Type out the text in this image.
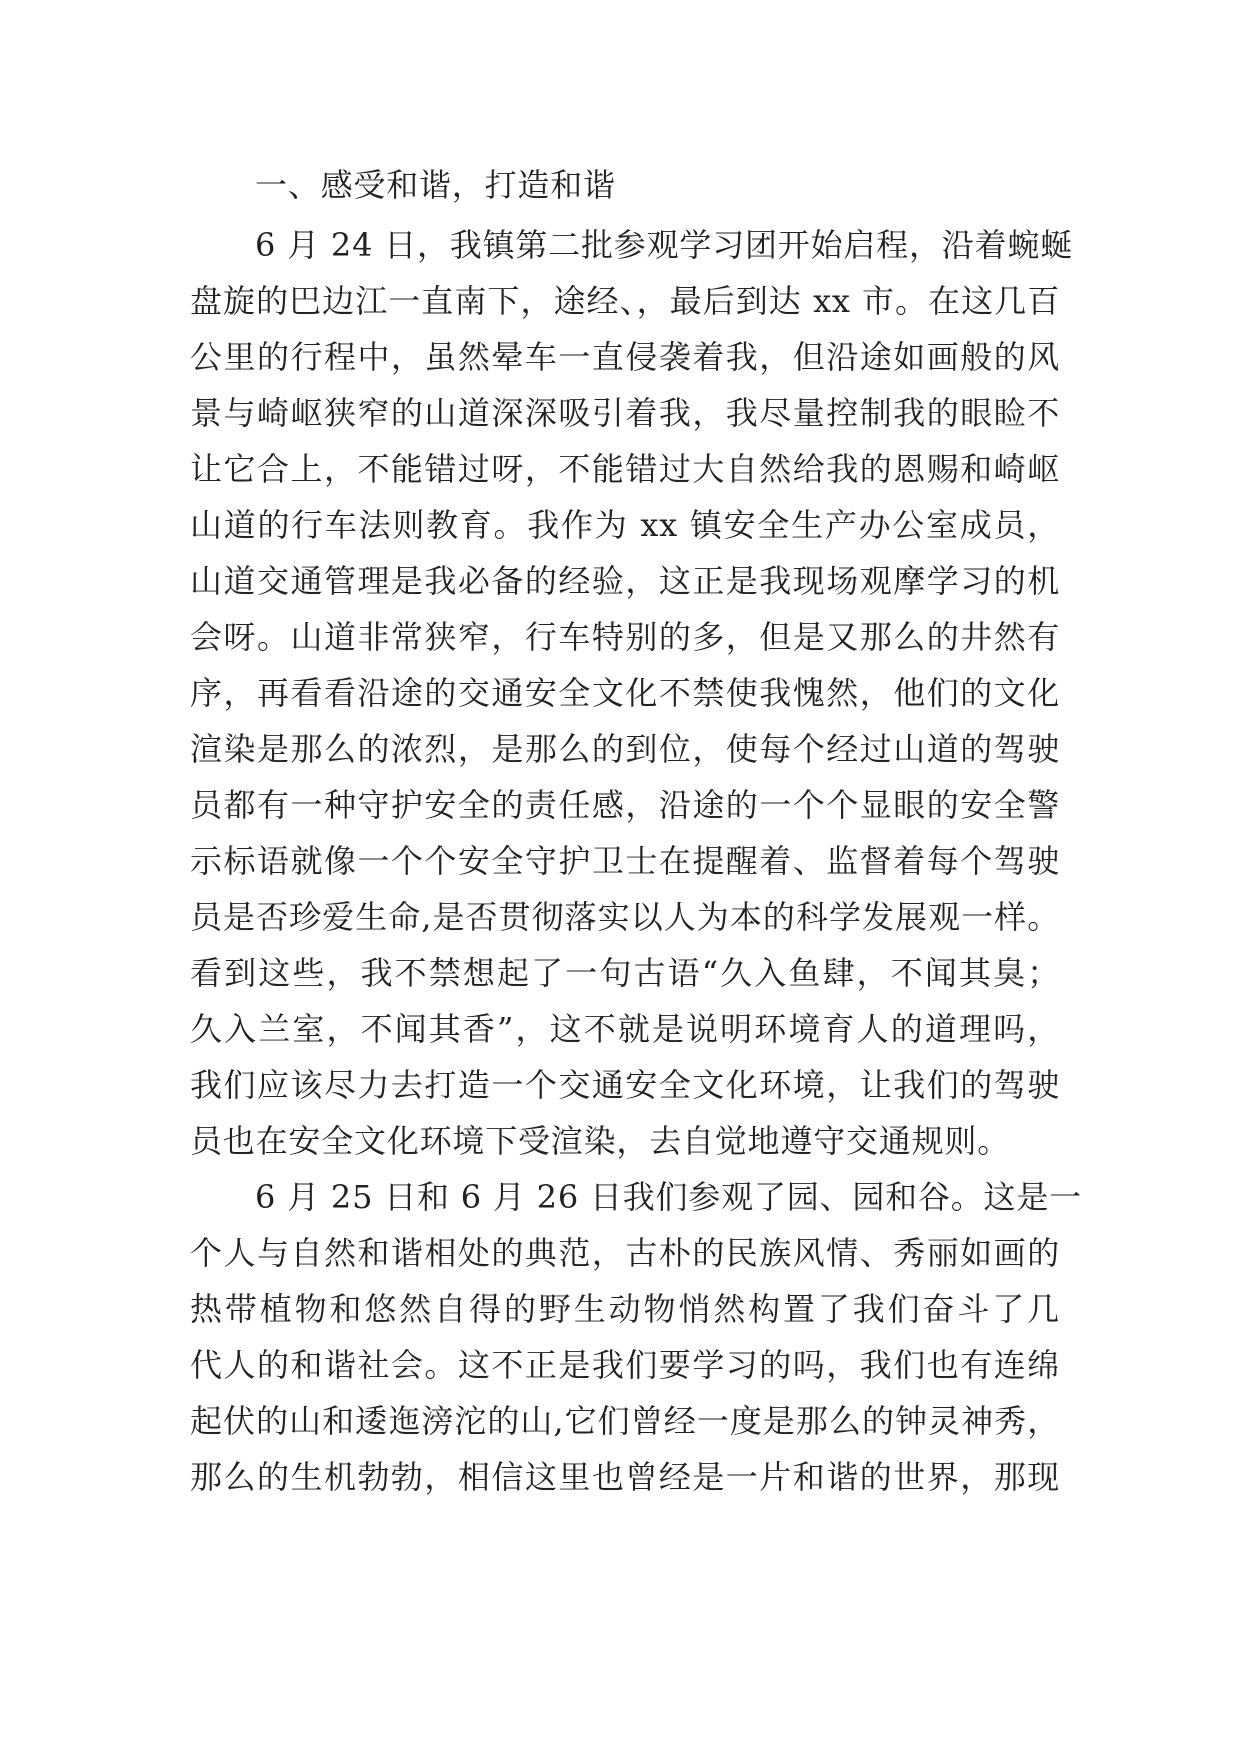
一、感受和谐，打造和谐

6 月 24 日，我镇第二批参观学习团开始启程，沿着蜿蜒

盘旋的巴边江一直南下，途经、，最后到达 xx 市。在这几百

公里的行程中，虽然晕车一直侵袭着我，但沿途如画般的风

景与崎岖狭窄的山道深深吸引着我，我尽量控制我的眼睑不

让它合上，不能错过呀，不能错过大自然给我的恩赐和崎岖

山道的行车法则教育。我作为 xx 镇安全生产办公室成员，

山道交通管理是我必备的经验，这正是我现场观摩学习的机

会呀。山道非常狭窄，行车特别的多，但是又那么的井然有

序，再看看沿途的交通安全文化不禁使我愧然，他们的文化

渲染是那么的浓烈，是那么的到位，使每个经过山道的驾驶

员都有一种守护安全的责任感，沿途的一个个显眼的安全警

示标语就像一个个安全守护卫士在提醒着、监督着每个驾驶

员是否珍爱生命,是否贯彻落实以人为本的科学发展观一样。

看到这些，我不禁想起了一句古语“久入鱼肆，不闻其臭；

久入兰室，不闻其香”，这不就是说明环境育人的道理吗，

我们应该尽力去打造一个交通安全文化环境，让我们的驾驶

员也在安全文化环境下受渲染，去自觉地遵守交通规则。

6 月 25 日和 6 月 26 日我们参观了园、园和谷。这是一

个人与自然和谐相处的典范，古朴的民族风情、秀丽如画的

热带植物和悠然自得的野生动物悄然构置了我们奋斗了几

代人的和谐社会。这不正是我们要学习的吗，我们也有连绵

起伏的山和逶迤滂沱的山,它们曾经一度是那么的钟灵神秀，

那么的生机勃勃，相信这里也曾经是一片和谐的世界，那现
